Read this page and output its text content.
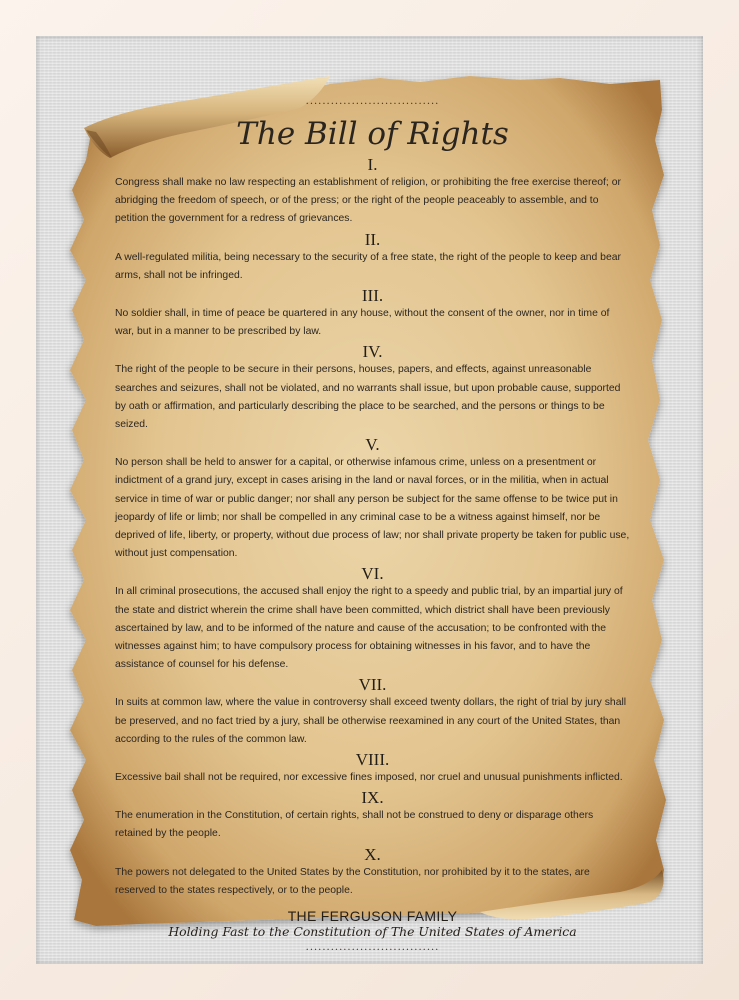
................................
The Bill of Rights
I.

Congress shall make no law respecting an establishment of religion, or prohibiting the free exercise thereof; or abridging the freedom of speech, or of the press; or the right of the people peaceably to assemble, and to petition the government for a redress of grievances.

II.

A well-regulated militia, being necessary to the security of a free state, the right of the people to keep and bear arms, shall not be infringed.

III.

No soldier shall, in time of peace be quartered in any house, without the consent of the owner, nor in time of war, but in a manner to be prescribed by law.

IV.

The right of the people to be secure in their persons, houses, papers, and effects, against unreasonable searches and seizures, shall not be violated, and no warrants shall issue, but upon probable cause, supported by oath or affirmation, and particularly describing the place to be searched, and the persons or things to be seized.

V.

No person shall be held to answer for a capital, or otherwise infamous crime, unless on a presentment or indictment of a grand jury, except in cases arising in the land or naval forces, or in the militia, when in actual service in time of war or public danger; nor shall any person be subject for the same offense to be twice put in jeopardy of life or limb; nor shall be compelled in any criminal case to be a witness against himself, nor be deprived of life, liberty, or property, without due process of law; nor shall private property be taken for public use, without just compensation.

VI.

In all criminal prosecutions, the accused shall enjoy the right to a speedy and public trial, by an impartial jury of the state and district wherein the crime shall have been committed, which district shall have been previously ascertained by law, and to be informed of the nature and cause of the accusation; to be confronted with the witnesses against him; to have compulsory process for obtaining witnesses in his favor, and to have the assistance of counsel for his defense.

VII.

In suits at common law, where the value in controversy shall exceed twenty dollars, the right of trial by jury shall be preserved, and no fact tried by a jury, shall be otherwise reexamined in any court of the United States, than according to the rules of the common law.

VIII.

Excessive bail shall not be required, nor excessive fines imposed, nor cruel and unusual punishments inflicted.

IX.

The enumeration in the Constitution, of certain rights, shall not be construed to deny or disparage others retained by the people.

X.

The powers not delegated to the United States by the Constitution, nor prohibited by it to the states, are reserved to the states respectively, or to the people.

THE FERGUSON FAMILY
Holding Fast to the Constitution of The United States of America
................................
